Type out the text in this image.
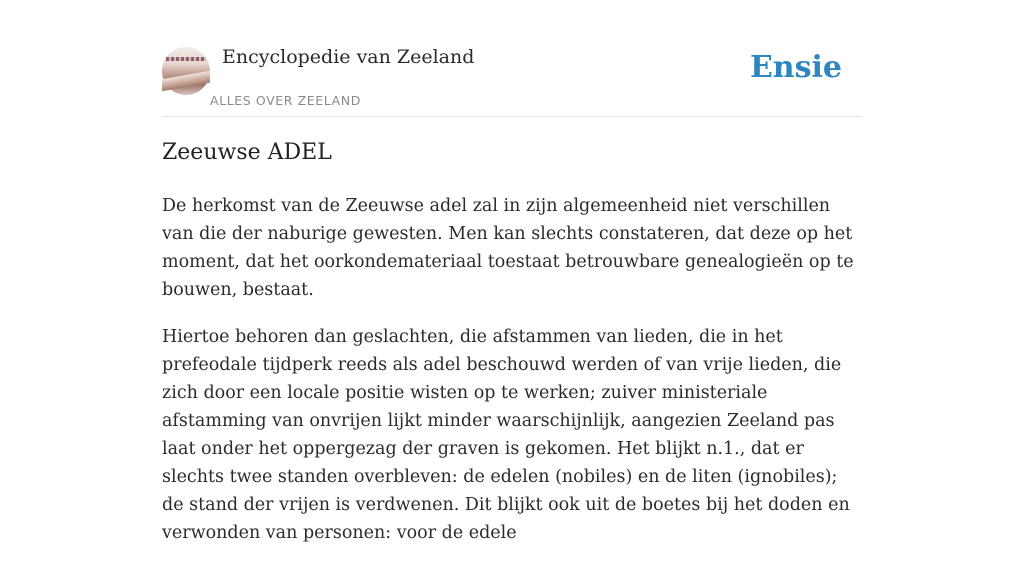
Encyclopedie van Zeeland
ALLES OVER ZEELAND
Ensie
Zeeuwse ADEL

De herkomst van de Zeeuwse adel zal in zijn algemeenheid niet verschillen van die der naburige gewesten. Men kan slechts constateren, dat deze op het moment, dat het oorkondemateriaal toestaat betrouwbare genealogieën op te bouwen, bestaat.

Hiertoe behoren dan geslachten, die afstammen van lieden, die in het prefeodale tijdperk reeds als adel beschouwd werden of van vrije lieden, die zich door een locale positie wisten op te werken; zuiver ministeriale afstamming van onvrijen lijkt minder waarschijnlijk, aangezien Zeeland pas laat onder het oppergezag der graven is gekomen. Het blijkt n.1., dat er slechts twee standen overbleven: de edelen (nobiles) en de liten (ignobiles); de stand der vrijen is verdwenen. Dit blijkt ook uit de boetes bij het doden en verwonden van personen: voor de edele
